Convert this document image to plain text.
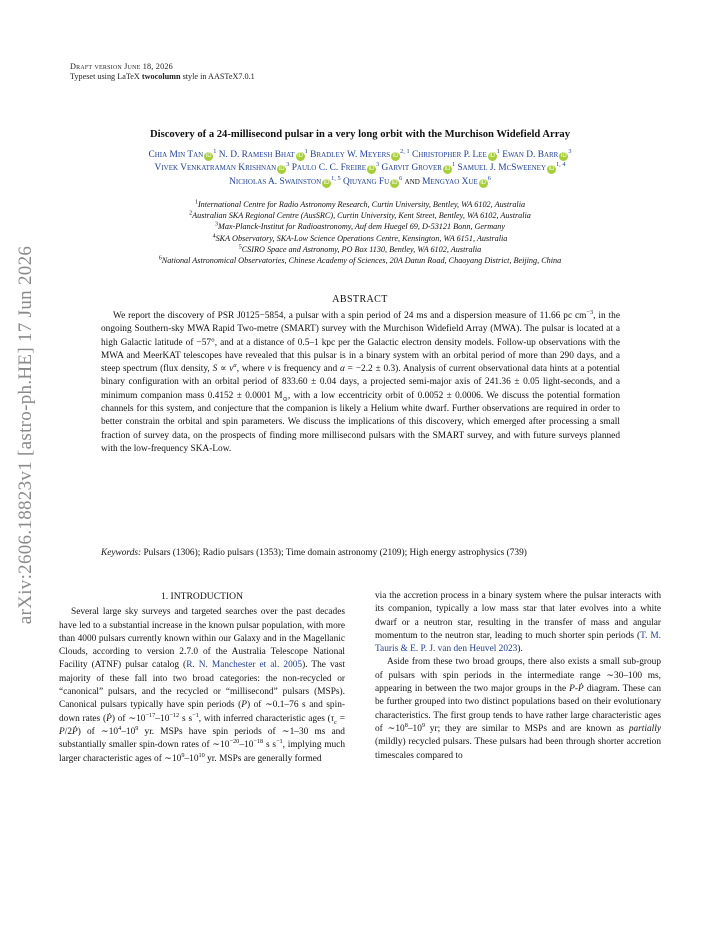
Draft version June 18, 2026
Typeset using LaTeX twocolumn style in AASTeX7.0.1
arXiv:2606.18823v1 [astro-ph.HE] 17 Jun 2026
Discovery of a 24-millisecond pulsar in a very long orbit with the Murchison Widefield Array
Chia Min Tan $iD^1$ N. D. Ramesh Bhat $iD^1$ Bradley W. Meyers iD$^{2, 1}$ Christopher P. Lee $iD^1$ Ewan D. Barr $iD^3$
Vivek Venkatraman Krishnan $iD^3$ Paulo C. C. Freire $iD^3$ Garvit Grover $iD^1$ Samuel J. McSweeney iD$^{1, 4}$
Nicholas A. Swainston iD$^{1, 5}$ Qiuyang Fu $iD^6$ and Mengyao Xue $iD^6$
$^1$International Centre for Radio Astronomy Research, Curtin University, Bentley, WA 6102, Australia
$^2$Australian SKA Regional Centre (AusSRC), Curtin University, Kent Street, Bentley, WA 6102, Australia
$^3$Max-Planck-Institut for Radioastronomy, Auf dem Huegel 69, D-53121 Bonn, Germany
$^4$SKA Observatory, SKA-Low Science Operations Centre, Kensington, WA 6151, Australia
$^5$CSIRO Space and Astronomy, PO Box 1130, Bentley, WA 6102, Australia
$^6$National Astronomical Observatories, Chinese Academy of Sciences, 20A Datun Road, Chaoyang District, Beijing, China
ABSTRACT

We report the discovery of PSR J0125−5854, a pulsar with a spin period of 24 ms and a dispersion measure of 11.66 pc $cm^{-3}$, in the ongoing Southern-sky MWA Rapid Two-metre (SMART) survey with the Murchison Widefield Array (MWA). The pulsar is located at a high Galactic latitude of −57°, and at a distance of 0.5–1 kpc per the Galactic electron density models. Follow-up observations with the MWA and MeerKAT telescopes have revealed that this pulsar is in a binary system with an orbital period of more than 290 days, and a steep spectrum (flux density, $S \propto \nu^\alpha$, where ν is frequency and α = −2.2 ± 0.3). Analysis of current observational data hints at a potential binary configuration with an orbital period of 833.60 ± 0.04 days, a projected semi-major axis of 241.36 ± 0.05 light-seconds, and a minimum companion mass 0.4152 ± 0.0001 $M_⊙$, with a low eccentricity orbit of 0.0052 ± 0.0006. We discuss the potential formation channels for this system, and conjecture that the companion is likely a Helium white dwarf. Further observations are required in order to better constrain the orbital and spin parameters. We discuss the implications of this discovery, which emerged after processing a small fraction of survey data, on the prospects of finding more millisecond pulsars with the SMART survey, and with future surveys planned with the low-frequency SKA-Low.

Keywords: Pulsars (1306); Radio pulsars (1353); Time domain astronomy (2109); High energy astrophysics (739)
1. INTRODUCTION

Several large sky surveys and targeted searches over the past decades have led to a substantial increase in the known pulsar population, with more than 4000 pulsars currently known within our Galaxy and in the Magellanic Clouds, according to version 2.7.0 of the Australia Telescope National Facility (ATNF) pulsar catalog (R. N. Manchester et al. 2005). The vast majority of these fall into two broad categories: the non-recycled or “canonical” pulsars, and the recycled or “millisecond” pulsars (MSPs). Canonical pulsars typically have spin periods (P) of ∼0.1–76 s and spin-down rates (Ṗ) of $\sim 10^{-17}-10^{-12}$ s $s^{-1}$, with inferred characteristic ages ($\tau_c$ = P/2Ṗ) of $\sim 10^4-10^9$ yr. MSPs have spin periods of ∼1–30 ms and substantially smaller spin-down rates of $\sim 10^{-20}-10^{-18}$ s $s^{-1}$, implying much larger characteristic ages of $\sim 10^9-10^{10}$ yr. MSPs are generally formed

via the accretion process in a binary system where the pulsar interacts with its companion, typically a low mass star that later evolves into a white dwarf or a neutron star, resulting in the transfer of mass and angular momentum to the neutron star, leading to much shorter spin periods (T. M. Tauris & E. P. J. van den Heuvel 2023).

Aside from these two broad groups, there also exists a small sub-group of pulsars with spin periods in the intermediate range ∼30–100 ms, appearing in between the two major groups in the P-Ṗ diagram. These can be further grouped into two distinct populations based on their evolutionary characteristics. The first group tends to have rather large characteristic ages of $\sim 10^8-10^9$ yr; they are similar to MSPs and are known as partially (mildly) recycled pulsars. These pulsars had been through shorter accretion timescales compared to
